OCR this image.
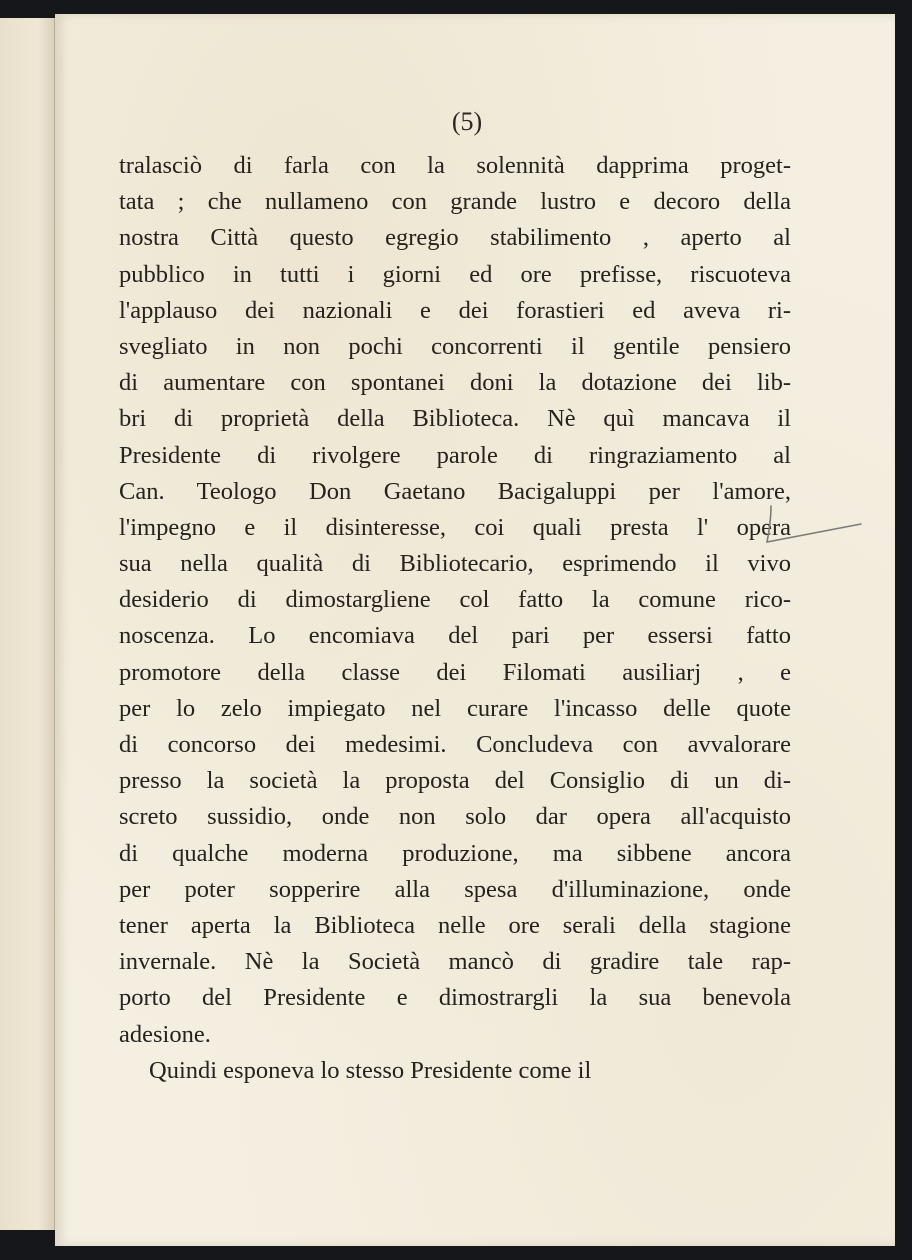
(5)
tralasciò di farla con la solennità dapprima proget-
tata ; che nullameno con grande lustro e decoro della
nostra Città questo egregio stabilimento , aperto al
pubblico in tutti i giorni ed ore prefisse, riscuoteva
l'applauso dei nazionali e dei forastieri ed aveva ri-
svegliato in non pochi concorrenti il gentile pensiero
di aumentare con spontanei doni la dotazione dei lib-
bri di proprietà della Biblioteca. Nè quì mancava il
Presidente di rivolgere parole di ringraziamento al
Can. Teologo Don Gaetano Bacigaluppi per l'amore,
l'impegno e il disinteresse, coi quali presta l' opera
sua nella qualità di Bibliotecario, esprimendo il vivo
desiderio di dimostargliene col fatto la comune rico-
noscenza. Lo encomiava del pari per essersi fatto
promotore della classe dei Filomati ausiliarj , e
per lo zelo impiegato nel curare l'incasso delle quote
di concorso dei medesimi. Concludeva con avvalorare
presso la società la proposta del Consiglio di un di-
screto sussidio, onde non solo dar opera all'acquisto
di qualche moderna produzione, ma sibbene ancora
per poter sopperire alla spesa d'illuminazione, onde
tener aperta la Biblioteca nelle ore serali della stagione
invernale. Nè la Società mancò di gradire tale rap-
porto del Presidente e dimostrargli la sua benevola
adesione.
Quindi esponeva lo stesso Presidente come il
